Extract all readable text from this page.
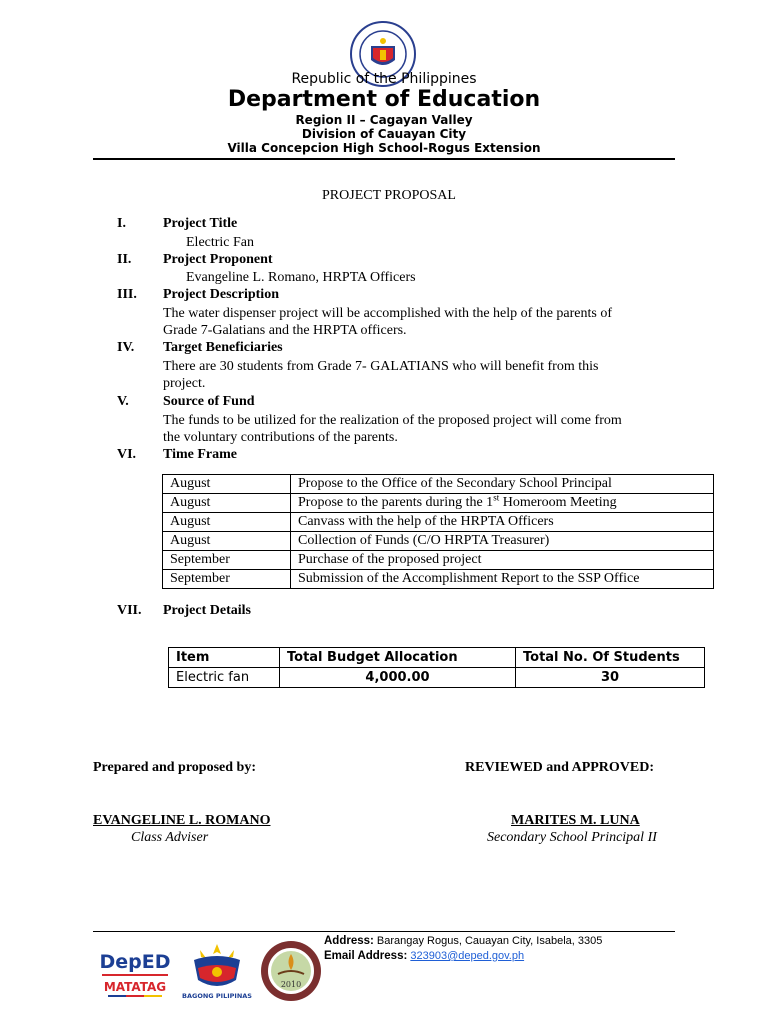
Republic of the Philippines
Department of Education
Region II – Cagayan Valley
Division of Cauayan City
Villa Concepcion High School-Rogus Extension
PROJECT PROPOSAL
I.	Project Title
Electric Fan
II. Project Proponent
Evangeline L. Romano, HRPTA Officers
III. Project Description
The water dispenser project will be accomplished with the help of the parents of
Grade 7-Galatians and the HRPTA officers.
IV. Target Beneficiaries
There are 30 students from Grade 7- GALATIANS who will benefit from this
project.
V. Source of Fund
The funds to be utilized for the realization of the proposed project will come from
the voluntary contributions of the parents.
VI. Time Frame
August	Propose to the Office of the Secondary School Principal
August	Propose to the parents during the 1st Homeroom Meeting
August	Canvass with the help of the HRPTA Officers
August	Collection of Funds (C/O HRPTA Treasurer)
September	Purchase of the proposed project
September	Submission of the Accomplishment Report to the SSP Office
VII. Project Details
Item	Total Budget Allocation	Total No. Of Students
Electric fan	4,000.00	30
Prepared and proposed by:	REVIEWED and APPROVED:
EVANGELINE L. ROMANO
Class Adviser
MARITES M. LUNA
Secondary School Principal II
DepED
MATATAG
BAGONG PILIPINAS
2010
Address: Barangay Rogus, Cauayan City, Isabela, 3305
Email Address: 323903@deped.gov.ph
